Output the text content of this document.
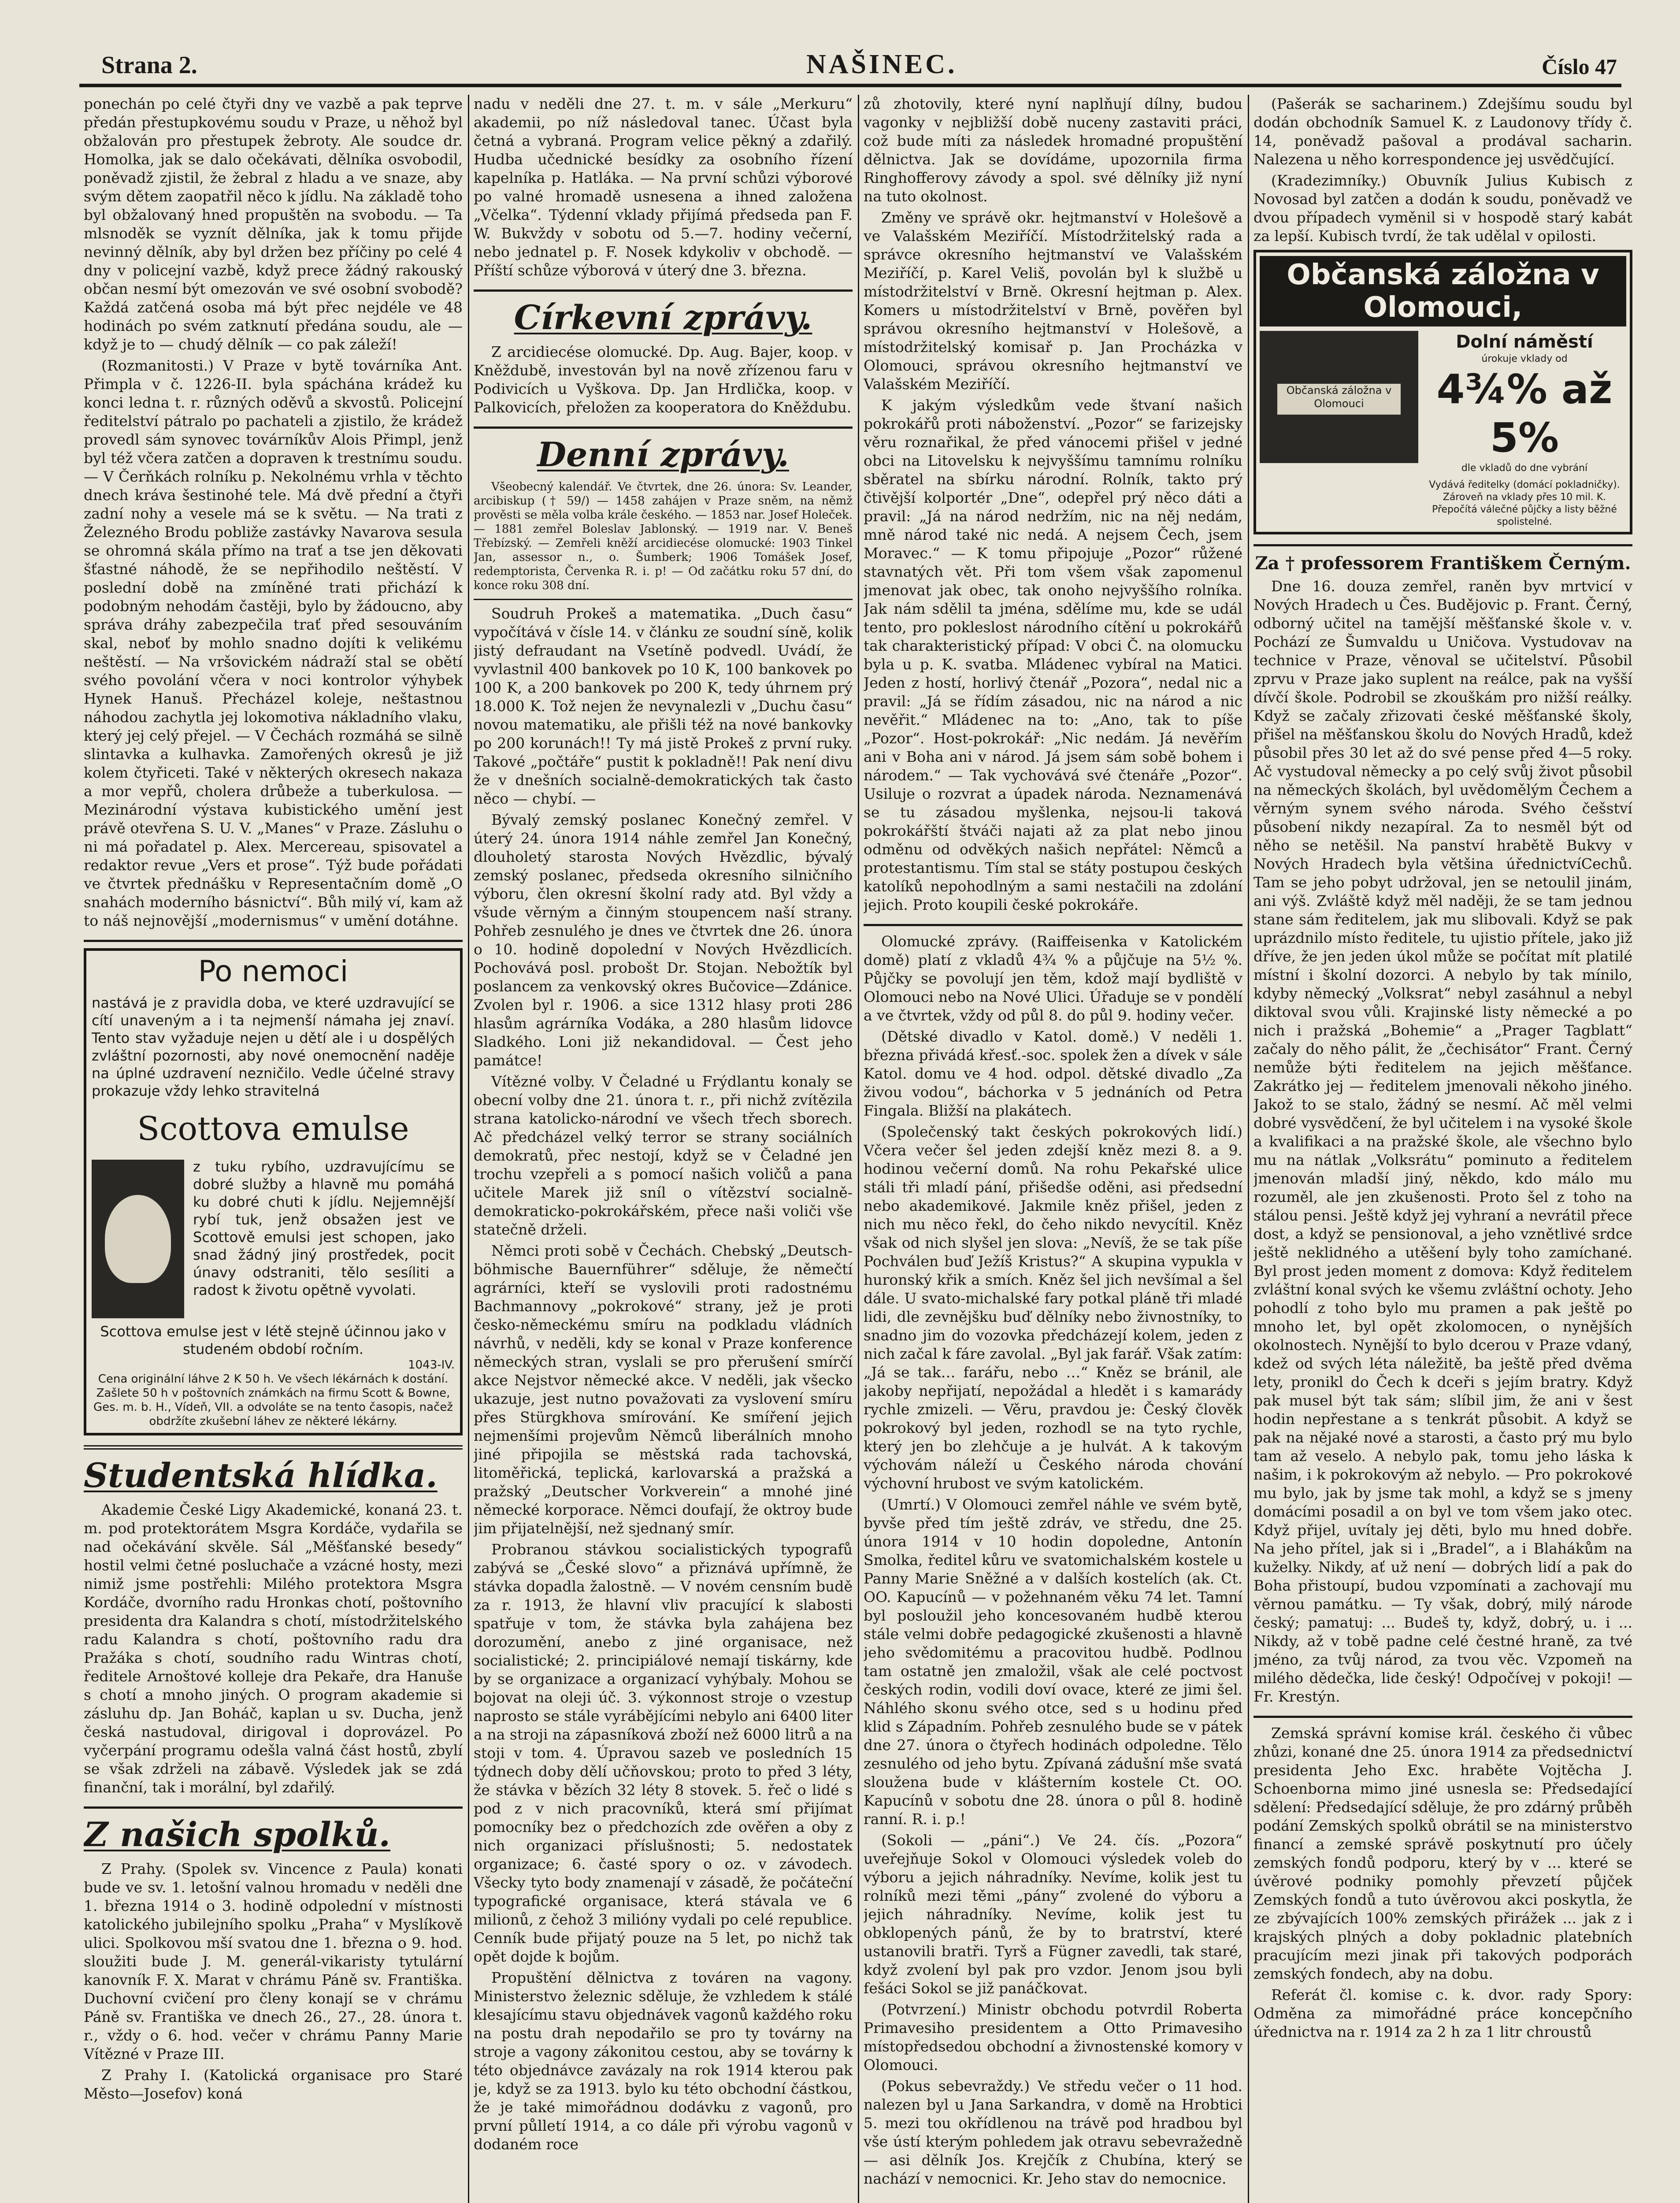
Strana 2.	NAŠINEC.	Číslo 47

ponechán po celé čtyři dny ve vazbě a pak teprve předán přestupkovému soudu v Praze, u něhož byl obžalován pro přestupek žebroty. Ale soudce dr. Homolka, jak se dalo očekávati, dělníka osvobodil, poněvadž zjistil, že žebral z hladu a ve snaze, aby svým dětem zaopatřil něco k jídlu. Na základě toho byl obžalovaný hned propuštěn na svobodu. — Ta mlsnoděk se vyznít dělníka, jak k tomu přijde nevinný dělník, aby byl držen bez příčiny po celé 4 dny v policejní vazbě, když prece žádný rakouský občan nesmí být omezován ve své osobní svobodě? Každá zatčená osoba má být přec nejdéle ve 48 hodinách po svém zatknutí předána soudu, ale — když je to — chudý dělník — co pak záleží!

(Rozmanitosti.) V Praze v bytě továrníka Ant. Přimpla v č. 1226-II. byla spáchána krádež ku konci ledna t. r. různých oděvů a skvostů. Policejní ředitelství pátralo po pachateli a zjistilo, že krádež provedl sám synovec továrníkův Alois Přimpl, jenž byl též včera zatčen a dopraven k trestnímu soudu. — V Čerňkách rolníku p. Nekolnému vrhla v těchto dnech kráva šestinohé tele. Má dvě přední a čtyři zadní nohy a vesele má se k světu. — Na trati z Železného Brodu pobliže zastávky Navarova sesula se ohromná skála přímo na trať a tse jen děkovati šťastné náhodě, že se nepřihodilo neštěstí. V poslední době na zmíněné trati přichází k podobným nehodám častěji, bylo by žádoucno, aby správa dráhy zabezpečila trať před sesouváním skal, neboť by mohlo snadno dojíti k velikému neštěstí. — Na vršovickém nádraží stal se obětí svého povolání včera v noci kontrolor výhybek Hynek Hanuš. Přecházel koleje, neštastnou náhodou zachytla jej lokomotiva nákladního vlaku, který jej celý přejel. — V Čechách rozmáhá se silně slintavka a kulhavka. Zamořených okresů je již kolem čtyřiceti. Také v některých okresech nakaza a mor vepřů, cholera drůbeže a tuberkulosa. — Mezinárodní výstava kubistického umění jest právě otevřena S. U. V. „Manes“ v Praze. Zásluhu o ni má pořadatel p. Alex. Mercereau, spisovatel a redaktor revue „Vers et prose“. Týž bude pořádati ve čtvrtek přednášku v Representačním domě „O snahách moderního básnictví“. Bůh milý ví, kam až to náš nejnovější „modernismus“ v umění dotáhne.

Po nemoci
nastává je z pravidla doba, ve které uzdravující se cítí unaveným a i ta nejmenší námaha jej znaví. Tento stav vyžaduje nejen u dětí ale i u dospělých zvláštní pozornosti, aby nové onemocnění naděje na úplné uzdravení nezničilo. Vedle účelné stravy prokazuje vždy lehko stravitelná
Scottova emulse
z tuku rybího, uzdravujícímu se dobré služby a hlavně mu pomáhá ku dobré chuti k jídlu. Nejjemnější rybí tuk, jenž obsažen jest ve Scottově emulsi jest schopen, jako snad žádný jiný prostředek, pocit únavy odstraniti, tělo sesíliti a radost k životu opětně vyvolati.
Scottova emulse jest v létě stejně účinnou jako v studeném období ročním.
1043-IV.
Cena originální láhve 2 K 50 h. Ve všech lékárnách k dostání. Zašlete 50 h v poštovních známkách na firmu Scott & Bowne, Ges. m. b. H., Vídeň, VII. a odvoláte se na tento časopis, načež obdržíte zkušební láhev ze některé lékárny.
Studentská hlídka.

Akademie České Ligy Akademické, konaná 23. t. m. pod protektorátem Msgra Kordáče, vydařila se nad očekávání skvěle. Sál „Měšťanské besedy“ hostil velmi četné posluchače a vzácné hosty, mezi nimiž jsme postřehli: Milého protektora Msgra Kordáče, dvorního radu Hronkas chotí, poštovního presidenta dra Kalandra s chotí, místodržitelského radu Kalandra s chotí, poštovního radu dra Pražáka s chotí, soudního radu Wintras chotí, ředitele Arnoštové kolleje dra Pekaře, dra Hanuše s chotí a mnoho jiných. O program akademie si zásluhu dp. Jan Boháč, kaplan u sv. Ducha, jenž česká nastudoval, dirigoval i doprovázel. Po vyčerpání programu odešla valná část hostů, zbylí se však zdrželi na zábavě. Výsledek jak se zdá finanční, tak i morální, byl zdařilý.

Z našich spolků.

Z Prahy. (Spolek sv. Vincence z Paula) konati bude ve sv. 1. letošní valnou hromadu v neděli dne 1. března 1914 o 3. hodině odpolední v místnosti katolického jubilejního spolku „Praha“ v Myslíkově ulici. Spolkovou mší svatou dne 1. března o 9. hod. sloužiti bude J. M. generál-vikaristy tytulární kanovník F. X. Marat v chrámu Páně sv. Františka. Duchovní cvičení pro členy konají se v chrámu Páně sv. Františka ve dnech 26., 27., 28. února t. r., vždy o 6. hod. večer v chrámu Panny Marie Vítězné v Praze III.

Z Prahy I. (Katolická organisace pro Staré Město—Josefov) koná

nadu v neděli dne 27. t. m. v sále „Merkuru“ akademii, po níž následoval tanec. Účast byla četná a vybraná. Program velice pěkný a zdařilý. Hudba učednické besídky za osobního řízení kapelníka p. Hatláka. — Na první schůzi výborové po valné hromadě usnesena a ihned založena „Včelka“. Týdenní vklady přijímá předseda pan F. W. Bukvždy v sobotu od 5.—7. hodiny večerní, nebo jednatel p. F. Nosek kdykoliv v obchodě. — Příští schůze výborová v úterý dne 3. března.

Církevní zprávy.

Z arcidiecése olomucké. Dp. Aug. Bajer, koop. v Kněždubě, investován byl na nově zřízenou faru v Podivicích u Vyškova. Dp. Jan Hrdlička, koop. v Palkovicích, přeložen za kooperatora do Kněždubu.

Denní zprávy.

Všeobecný kalendář. Ve čtvrtek, dne 26. února: Sv. Leander, arcibiskup († 59/) — 1458 zahájen v Praze sněm, na němž prověsti se měla volba krále českého. — 1853 nar. Josef Holeček. — 1881 zemřel Boleslav Jablonský. — 1919 nar. V. Beneš Třebízský. — Zemřeli kněží arcidiecése olomucké: 1903 Tinkel Jan, assessor n., o. Šumberk; 1906 Tomášek Josef, redemptorista, Červenka R. i. p! — Od začátku roku 57 dní, do konce roku 308 dní.

Soudruh Prokeš a matematika. „Duch času“ vypočítává v čísle 14. v článku ze soudní síně, kolik jistý defraudant na Vsetíně podvedl. Uvádí, že vyvlastnil 400 bankovek po 10 K, 100 bankovek po 100 K, a 200 bankovek po 200 K, tedy úhrnem prý 18.000 K. Tož nejen že nevynalezli v „Duchu času“ novou matematiku, ale přišli též na nové bankovky po 200 korunách!! Ty má jistě Prokeš z první ruky. Takové „počtáře“ pustit k pokladně!! Pak není divu že v dnešních socialně-demokratických tak často něco — chybí. —

Bývalý zemský poslanec Konečný zemřel. V úterý 24. února 1914 náhle zemřel Jan Konečný, dlouholetý starosta Nových Hvězdlic, bývalý zemský poslanec, předseda okresního silničního výboru, člen okresní školní rady atd. Byl vždy a všude věrným a činným stoupencem naší strany. Pohřeb zesnulého je dnes ve čtvrtek dne 26. února o 10. hodině dopolední v Nových Hvězdlicích. Pochovává posl. probošt Dr. Stojan. Nebožtík byl poslancem za venkovský okres Bučovice—Zdánice. Zvolen byl r. 1906. a sice 1312 hlasy proti 286 hlasům agrárníka Vodáka, a 280 hlasům lidovce Sladkého. Loni již nekandidoval. — Čest jeho památce!

Vítězné volby. V Čeladné u Frýdlantu konaly se obecní volby dne 21. února t. r., při nichž zvítězila strana katolicko-národní ve všech třech sborech. Ač předcházel velký terror se strany sociálních demokratů, přec nestojí, když se v Čeladné jen trochu vzepřeli a s pomocí našich voličů a pana učitele Marek již sníl o vítězství socialně-demokraticko-pokrokářském, přece naši voliči vše statečně drželi.

Němci proti sobě v Čechách. Chebský „Deutsch-böhmische Bauernführer“ sděluje, že němečtí agrárníci, kteří se vyslovili proti radostnému Bachmannovy „pokrokové“ strany, jež je proti česko-německému smíru na podkladu vládních návrhů, v neděli, kdy se konal v Praze konference německých stran, vyslali se pro přerušení smírčí akce Nejstvor německé akce. V neděli, jak všecko ukazuje, jest nutno považovati za vyslovení smíru přes Stürgkhova smírování. Ke smíření jejich nejmenšími projevům Němců liberálních mnoho jiné připojila se městská rada tachovská, litoměřická, teplická, karlovarská a pražská a pražský „Deutscher Vorkverein“ a mnohé jiné německé korporace. Němci doufají, že oktroy bude jim přijatelnější, než sjednaný smír.

Probranou stávkou socialistických typografů zabývá se „České slovo“ a přiznává upřímně, že stávka dopadla žalostně. — V novém censním budě za r. 1913, že hlavní vliv pracující k slabosti spatřuje v tom, že stávka byla zahájena bez dorozumění, anebo z jiné organisace, než socialistické; 2. principiálové nemají tiskárny, kde by se organizace a organizací vyhýbaly. Mohou se bojovat na oleji úč. 3. výkonnost stroje o vzestup naprosto se stále vyrábějícími nebylo ani 6400 liter a na stroji na zápasníková zboží než 6000 litrů a na stoji v tom. 4. Úpravou sazeb ve posledních 15 týdnech doby dělí učňovskou; proto to před 3 léty, že stávka v bězích 32 léty 8 stovek. 5. řeč o lidé s pod z v nich pracovníků, která smí přijímat pomocníky bez o předchozích zde ověřen a oby z nich organizaci příslušnosti; 5. nedostatek organizace; 6. časté spory o oz. v závodech. Všecky tyto body znamenají v zásadě, že počáteční typografické organisace, která stávala ve 6 milionů, z čehož 3 milióny vydali po celé republice. Cenník bude přijatý pouze na 5 let, po nichž tak opět dojde k bojům.

Propuštění dělnictva z továren na vagony. Ministerstvo železnic sděluje, že vzhledem k stálé klesajícímu stavu objednávek vagonů každého roku na postu drah nepodařilo se pro ty továrny na stroje a vagony zákonitou cestou, aby se továrny k této objednávce zavázaly na rok 1914 kterou pak je, když se za 1913. bylo ku této obchodní částkou, že je také mimořádnou dodávku z vagonů, pro první půlletí 1914, a co dále při výrobu vagonů v dodaném roce

zů zhotovily, které nyní naplňují dílny, budou vagonky v nejbližší době nuceny zastaviti práci, což bude míti za následek hromadné propuštění dělnictva. Jak se dovídáme, upozornila firma Ringhofferovy závody a spol. své dělníky již nyní na tuto okolnost.

Změny ve správě okr. hejtmanství v Holešově a ve Valašském Meziříčí. Místodržitelský rada a správce okresního hejtmanství ve Valašském Meziříčí, p. Karel Veliš, povolán byl k službě u místodržitelství v Brně. Okresní hejtman p. Alex. Komers u místodržitelství v Brně, pověřen byl správou okresního hejtmanství v Holešově, a místodržitelský komisař p. Jan Procházka v Olomouci, správou okresního hejtmanství ve Valašském Meziříčí.

K jakým výsledkům vede štvaní našich pokrokářů proti náboženství. „Pozor“ se farizejsky věru roznařikal, že před vánocemi přišel v jedné obci na Litovelsku k nejvyššímu tamnímu rolníku sběratel na sbírku národní. Rolník, takto prý čtivější kolportér „Dne“, odepřel prý něco dáti a pravil: „Já na národ nedržím, nic na něj nedám, mně národ také nic nedá. A nejsem Čech, jsem Moravec.“ — K tomu připojuje „Pozor“ růžené stavnatých vět. Při tom všem však zapomenul jmenovat jak obec, tak onoho nejvyššího rolníka. Jak nám sdělil ta jména, sdělíme mu, kde se udál tento, pro pokleslost národního cítění u pokrokářů tak charakteristický případ: V obci Č. na olomucku byla u p. K. svatba. Mládenec vybíral na Matici. Jeden z hostí, horlivý čtenář „Pozora“, nedal nic a pravil: „Já se řídím zásadou, nic na národ a nic nevěřit.“ Mládenec na to: „Ano, tak to píše „Pozor“. Host-pokrokář: „Nic nedám. Já nevěřím ani v Boha ani v národ. Já jsem sám sobě bohem i národem.“ — Tak vychovává své čtenáře „Pozor“. Usiluje o rozvrat a úpadek národa. Neznamenává se tu zásadou myšlenka, nejsou-li taková pokrokářští štváči najati až za plat nebo jinou odměnu od odvěkých našich nepřátel: Němců a protestantismu. Tím stal se státy postupou českých katolíků nepohodlným a sami nestačili na zdolání jejich. Proto koupili české pokrokáře.

Olomucké zprávy. (Raiffeisenka v Katolickém domě) platí z vkladů 4¾ % a půjčuje na 5½ %. Půjčky se povolují jen těm, kdož mají bydliště v Olomouci nebo na Nové Ulici. Úřaduje se v pondělí a ve čtvrtek, vždy od půl 8. do půl 9. hodiny večer.

(Dětské divadlo v Katol. domě.) V neděli 1. března přivádá křesť.-soc. spolek žen a dívek v sále Katol. domu ve 4 hod. odpol. dětské divadlo „Za živou vodou“, báchorka v 5 jednáních od Petra Fingala. Bližší na plakátech.

(Společenský takt českých pokrokových lidí.) Včera večer šel jeden zdejší kněz mezi 8. a 9. hodinou večerní domů. Na rohu Pekařské ulice stáli tři mladí pání, přišedše oděni, asi předsední nebo akademikové. Jakmile kněz přišel, jeden z nich mu něco řekl, do čeho nikdo nevycítil. Kněz však od nich slyšel jen slova: „Nevíš, že se tak píše Pochválen buď Ježíš Kristus?“ A skupina vypukla v huronský křik a smích. Kněz šel jich nevšímal a šel dále. U svato-michalské fary potkal pláně tři mladé lidi, dle zevnějšku buď dělníky nebo živnostníky, to snadno jim do vozovka předcházejí kolem, jeden z nich začal k fáre zavolal. „Byl jak farář. Však zatím: „Já se tak… farářu, nebo …“ Kněz se bránil, ale jakoby nepřijatí, nepožádal a hledět i s kamarády rychle zmizeli. — Věru, pravdou je: Český člověk pokrokový byl jeden, rozhodl se na tyto rychle, který jen bo zlehčuje a je hulvát. A k takovým výchovám náleží u Českého národa chování výchovní hrubost ve svým katolickém.

(Umrtí.) V Olomouci zemřel náhle ve svém bytě, byvše před tím ještě zdráv, ve středu, dne 25. února 1914 v 10 hodin dopoledne, Antonín Smolka, ředitel kůru ve svatomichalském kostele u Panny Marie Sněžné a v dalších kostelích (ak. Ct. OO. Kapucínů — v požehnaném věku 74 let. Tamní byl posloužil jeho koncesovaném hudbě kterou stále velmi dobře pedagogické zkušenosti a hlavně jeho svědomitému a pracovitou hudbě. Podlnou tam ostatně jen zmaložil, však ale celé poctvost českých rodin, vodili doví ovace, které ze jimi šel. Náhlého skonu svého otce, sed s u hodinu před klid s Západním. Pohřeb zesnulého bude se v pátek dne 27. února o čtyřech hodinách odpoledne. Tělo zesnulého od jeho bytu. Zpívaná zádušní mše svatá sloužena bude v klášterním kostele Ct. OO. Kapucínů v sobotu dne 28. února o půl 8. hodině ranní. R. i. p.!

(Sokoli — „páni“.) Ve 24. čís. „Pozora“ uveřejňuje Sokol v Olomouci výsledek voleb do výboru a jejich náhradníky. Nevíme, kolik jest tu rolníků mezi těmi „pány“ zvolené do výboru a jejich náhradníky. Nevíme, kolik jest tu obklopených pánů, že by to bratrství, které ustanovili bratři. Tyrš a Fügner zavedli, tak staré, když zvolení byl pak pro vzdor. Jenom jsou byli fešáci Sokol se již panáčkovat.

(Potvrzení.) Ministr obchodu potvrdil Roberta Primavesiho presidentem a Otto Primavesiho místopředsedou obchodní a živnostenské komory v Olomouci.

(Pokus sebevraždy.) Ve středu večer o 11 hod. nalezen byl u Jana Sarkandra, v domě na Hrobtici 5. mezi tou okřídlenou na trávě pod hradbou byl vše ústí kterým pohledem jak otravu sebevražedně — asi dělník Jos. Krejčík z Chubína, který se nachází v nemocnici. Kr. Jeho stav do nemocnice.

(Pašerák se sacharinem.) Zdejšímu soudu byl dodán obchodník Samuel K. z Laudonovy třídy č. 14, poněvadž pašoval a prodával sacharin. Nalezena u něho korrespondence jej usvědčující.

(Kradezimníky.) Obuvník Julius Kubisch z Novosad byl zatčen a dodán k soudu, poněvadž ve dvou případech vyměnil si v hospodě starý kabát za lepší. Kubisch tvrdí, že tak udělal v opilosti.

Občanská záložna v Olomouci,
Občanská záložna v Olomouci
Dolní náměstí
úrokuje vklady od
4¾% až 5%
dle vkladů do dne vybrání
Vydává ředitelky (domácí pokladničky). Zároveň na vklady přes 10 mil. K. Přepočítá válečné půjčky a listy běžné spolistelné.
Za † professorem Františkem Černým.

Dne 16. douza zemřel, raněn byv mrtvicí v Nových Hradech u Čes. Budějovic p. Frant. Černý, odborný učitel na tamější měšťanské škole v. v. Pochází ze Šumvaldu u Uničova. Vystudovav na technice v Praze, věnoval se učitelství. Působil zprvu v Praze jako suplent na reálce, pak na vyšší dívčí škole. Podrobil se zkouškám pro nižší reálky. Když se začaly zřizovati české měšťanské školy, přišel na měšťanskou školu do Nových Hradů, kdež působil přes 30 let až do své pense před 4—5 roky. Ač vystudoval německy a po celý svůj život působil na německých školách, byl uvědomělým Čechem a věrným synem svého národa. Svého češství působení nikdy nezapíral. Za to nesměl být od něho se netěšil. Na panství hrabětě Bukvy v Nových Hradech byla většina úřednictvíCechů. Tam se jeho pobyt udržoval, jen se netoulil jinám, ani výš. Zvláště když měl naději, že se tam jednou stane sám ředitelem, jak mu slibovali. Když se pak uprázdnilo místo ředitele, tu ujistio přítele, jako již dříve, že jen jeden úkol může se počítat mít platilé místní i školní dozorci. A nebylo by tak mínilo, kdyby německý „Volksrat“ nebyl zasáhnul a nebyl diktoval svou vůli. Krajinské listy německé a po nich i pražská „Bohemie“ a „Prager Tagblatt“ začaly do něho pálit, že „čechisátor“ Frant. Černý nemůže býti ředitelem na jejich měšťance. Zakrátko jej — ředitelem jmenovali někoho jiného. Jakož to se stalo, žádný se nesmí. Ač měl velmi dobré vysvědčení, že byl učitelem i na vysoké škole a kvalifikaci a na pražské škole, ale všechno bylo mu na nátlak „Volksrátu“ pominuto a ředitelem jmenován mladší jiný, někdo, kdo málo mu rozuměl, ale jen zkušenosti. Proto šel z toho na stálou pensi. Ještě když jej vyhraní a nevrátil přece dost, a když se pensionoval, a jeho vznětlivé srdce ještě neklidného a utěšení byly toho zamíchané. Byl prost jeden moment z domova: Když ředitelem zvláštní konal svých ke všemu zvláštní ochoty. Jeho pohodlí z toho bylo mu pramen a pak ještě po mnoho let, byl opět zkolomocen, o nynějších okolnostech. Nynější to bylo dcerou v Praze vdaný, kdež od svých léta náležitě, ba ještě před dvěma lety, pronikl do Čech k dceři s jejím bratry. Když pak musel být tak sám; slíbil jim, že ani v šest hodin nepřestane a s tenkrát působit. A když se pak na nějaké nové a starosti, a často prý mu bylo tam až veselo. A nebylo pak, tomu jeho láska k našim, i k pokrokovým až nebylo. — Pro pokrokové mu bylo, jak by jsme tak mohl, a když se s jmeny domácími posadil a on byl ve tom všem jako otec. Když přijel, uvítaly jej děti, bylo mu hned dobře. Na jeho přítel, jak si i „Bradel“, a i Blahákům na kuželky. Nikdy, ať už není — dobrých lidí a pak do Boha přistoupí, budou vzpomínati a zachovají mu věrnou památku. — Ty však, dobrý, milý národe český; pamatuj: ... Budeš ty, když, dobrý, u. i ... Nikdy, až v tobě padne celé čestné hraně, za tvé jméno, za tvůj národ, za tvou věc. Vzpomeň na milého dědečka, lide český! Odpočívej v pokoji! — Fr. Krestýn.

Zemská správní komise král. českého či vůbec zhůzi, konané dne 25. února 1914 za předsednictví presidenta Jeho Exc. hraběte Vojtěcha J. Schoenborna mimo jiné usnesla se: Předsedající sdělení: Předsedající sděluje, že pro zdárný průběh podání Zemských spolků obrátil se na ministerstvo financí a zemské správě poskytnutí pro účely zemských fondů podporu, který by v ... které se úvěrové podniky pomohly převzetí půjček Zemských fondů a tuto úvěrovou akci poskytla, že ze zbývajících 100% zemských přirážek ... jak z i krajských plných a doby pokladnic platebních pracujícím mezi jinak při takových podporách zemských fondech, aby na dobu.

Referát čl. komise c. k. dvor. rady Spory: Odměna za mimořádné práce koncepčního úřednictva na r. 1914 za 2 h za 1 litr chroustů
